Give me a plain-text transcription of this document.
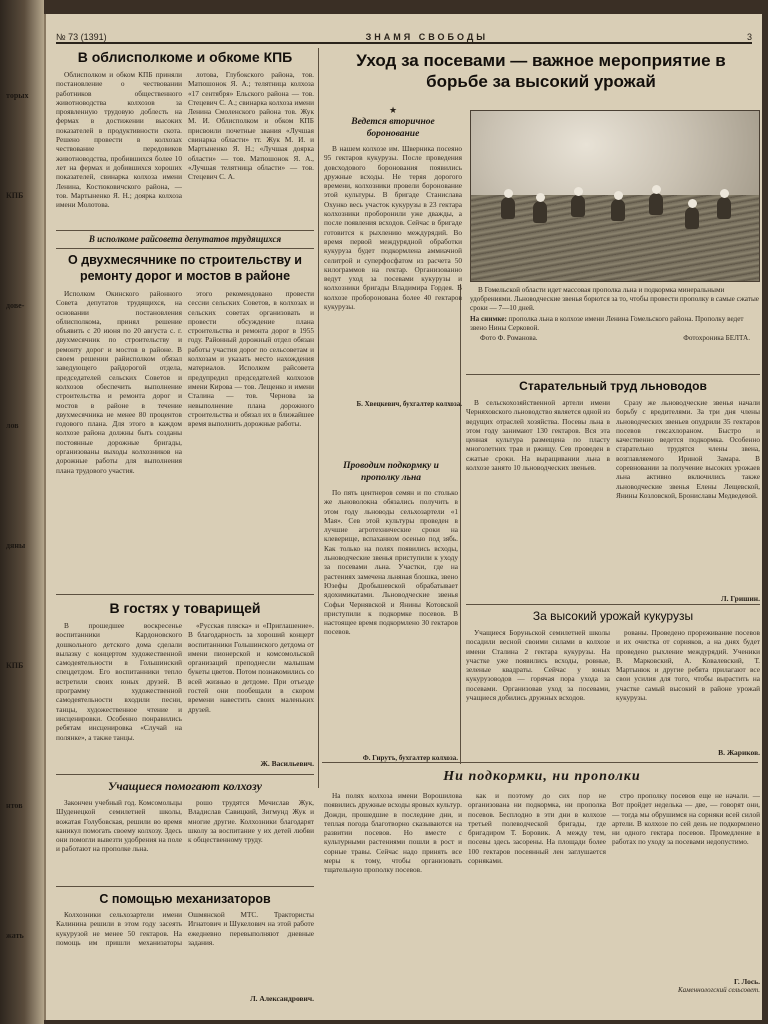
торых
КПБ
дове-
лов
дяны
КПБ
нтов
жать
№ 73 (1391)	ЗНАМЯ СВОБОДЫ	3
В облисполкоме и обкоме КПБ
Облисполком и обком КПБ приняли постановление о чествовании работников общественного животноводства колхозов за проявленную трудовую доблесть на фермах в достижении высоких показателей в продуктивности скота. Решено провести в колхозах чествование передовиков животноводства, пробившихся более 10 лет на фермах и добившихся хороших показателей, свинарка колхоза имени Ленина, Костюковичского района, — тов. Мартыненко Я. Н.; доярка колхоза имени Молотова.
лотова, Глубокского района, тов. Матюшонок Я. А.; телятница колхоза «17 сентября» Ельского района — тов. Стецевич С. А.; свинарка колхоза имени Ленина Смоленского района тов. Жук М. И. Облисполком и обком КПБ присвоили почетные звания «Лучшая свинарка области» тт. Жук М. И. и Мартыненко Я. Н.; «Лучшая доярка области» — тов. Матюшонок Я. А., «Лучшая телятница области» — тов. Стецевич С. А.
В исполкоме райсовета депутатов трудящихся
О двухмесячнике по строительству и ремонту дорог и мостов в районе
Исполком Окинского районного Совета депутатов трудящихся, на основании постановления облисполкома, принял решение объявить с 20 июня по 20 августа с. г. двухмесячник по строительству и ремонту дорог и мостов в районе. В своем решении райисполком обязал заведующего райдорогой отдела, председателей сельских Советов и колхозов обеспечить выполнение строительства и ремонта дорог и мостов в районе в течение двухмесячника не менее 80 процентов годового плана. Для этого в каждом колхозе района должны быть созданы постоянные дорожные бригады, организованы выходы колхозников на дорожные работы для выполнения плана трудового участия.
этого рекомендовано провести сессии сельских Советов, в колхозах и сельских советах организовать и провести обсуждение плана строительства и ремонта дорог в 1955 году. Районный дорожный отдел обязан работы участия дорог по сельсоветам и колхозам и указать место нахождения материалов. Исполком райсовета предупредил председателей колхозов имени Кирова — тов. Лещенко и имени Сталина — тов. Чернова за невыполнение плана дорожного строительства и обязал их в ближайшее время выполнить дорожные работы.
В гостях у товарищей
В прошедшее воскресенье воспитанники Кардоновского дошкольного детского дома сделали вылазку с концертом художественной самодеятельности в Гольшинский спецдетдом. Его воспитанники тепло встретили своих юных друзей. В программу художественной самодеятельности входили песни, танцы, художественное чтение и инсценировки. Особенно понравились ребятам инсценировка «Случай на полянке», а также танцы.
«Русская пляска» и «Приглашение». В благодарность за хороший концерт воспитанники Гольшинского детдома от имени пионерской и комсомольской организаций преподнесли малышам букеты цветов. Потом познакомились со всей жизнью в детдоме. При отъезде гостей они пообещали в скором времени навестить своих маленьких друзей.
Ж. Васильевич.
Учащиеся помогают колхозу
Закончен учебный год. Комсомольцы Шуденецкой семилетней школы, вожатая Голубовская, решили во время каникул помогать своему колхозу. Здесь они помогли вывезти удобрения на поле и работают на прополке льна.
рошо трудятся Мечислав Жук, Владислав Савицкий, Зигмунд Жук и многие другие. Колхозники благодарят школу за воспитание у их детей любви к общественному труду.
С помощью механизаторов
Колхозники сельхозартели имени Калинина решили в этом году засеять кукурузой не менее 50 гектаров. На помощь им пришли механизаторы Ошмянской МТС. Трактористы Игнатович и Шукелович на этой работе ежедневно перевыполняют дневные задания.
Л. Александрович.
Уход за посевами — важное мероприятие в борьбе за высокий урожай
★
Ведется вторичное боронование
В нашем колхозе им. Шверника посеяно 95 гектаров кукурузы. После проведения довсходового боронования появились дружные всходы. Не теряя дорогого времени, колхозники провели боронование этой культуры. В бригаде Станислава Охунко весь участок кукурузы в 23 гектара колхозники проборонили уже дважды, а после появления всходов. Сейчас в бригаде готовится к рыхлению междурядий. Во время первой междурядной обработки кукуруза будет подкормлена аммиачной селитрой и суперфосфатом из расчета 50 килограммов на гектар. Организованно ведут уход за посевами кукурузы и колхозники бригады Владимира Гордея. В колхозе проборонована более 40 гектаров кукурузы.
Б. Хвецкевич, бухгалтер колхоза.
Проводим подкормку и прополку льна
По пять центнеров семян и по столько же льноволокна обязались получить в этом году льноводы сельхозартели «1 Мая». Сев этой культуры проведен в лучшие агротехнические сроки на клеверище, вспаханном осенью под зябь. Как только на полях появились всходы, льноводческие звенья приступили к уходу за посевами льна. Участки, где на растениях замечена льняная блошка, звено Юзефы Дробышевской обрабатывает ядохимикатами. Льноводческие звенья Софьи Чернявской и Янины Котовской приступили к подкормке посевов. В настоящее время подкормлено 30 гектаров посевов.
Ф. Гирутъ, бухгалтер колхоза.
В Гомельской области идет массовая прополка льна и подкормка минеральными удобрениями. Льноводческие звенья борются за то, чтобы провести прополку в самые сжатые сроки — 7—10 дней.
На снимке: прополка льна в колхозе имени Ленина Гомельского района. Прополку ведет звено Нины Серковой.
Фото Ф. Романова.	Фотохроника БЕЛТА.
Старательный труд льноводов
В сельскохозяйственной артели имени Черняховского льноводство является одной из ведущих отраслей хозяйства. Посевы льна в этом году занимают 130 гектаров. Вся эта ценная культура размещена по пласту многолетних трав и ржищу. Сев проведен в сжатые сроки. На выращивании льна в колхозе занято 10 льноводческих звеньев.
Сразу же льноводческие звенья начали борьбу с вредителями. За три дня члены льноводческих звеньев опудрили 35 гектаров посевов гексахлораном. Быстро и качественно ведется подкормка. Особенно старательно трудятся члены звена, возглавляемого Ириной Замара. В соревновании за получение высоких урожаев льна активно включились также льноводческие звенья Елены Лещевской, Янины Козловской, Брониславы Медведевой.
Л. Гришин.
За высокий урожай кукурузы
Учащиеся Боруньской семилетней школы посадили весной своими силами в колхозе имени Сталина 2 гектара кукурузы. На участке уже появились всходы, ровные, зеленые квадраты. Сейчас у юных кукурузоводов — горячая пора ухода за посевами. Организовав уход за посевами, учащиеся добились дружных всходов.
рованы. Проведено прореживание посевов и их очистка от сорняков, а на днях будет проведено рыхление междурядий. Ученики В. Марковский, А. Ковалевский, Т. Мартынюк и другие ребята прилагают все свои усилия для того, чтобы вырастить на участке самый высокий в районе урожай кукурузы.
В. Жариков.
Ни подкормки, ни прополки
На полях колхоза имени Ворошилова появились дружные всходы яровых культур. Дожди, прошедшие в последние дни, и теплая погода благотворно сказываются на развитии посевов. Но вместе с культурными растениями пошли в рост и сорные травы. Сейчас надо принять все меры к тому, чтобы организовать тщательную прополку посевов.
как и поэтому до сих пор не организована ни подкормка, ни прополка посевов. Бесплодно в эти дни в колхозе третьей полеводческой бригады, где бригадиром Т. Боровик. А между тем, посевы здесь засорены. На площади более 100 гектаров посеянный лен заглушается сорняками.
стро прополку посевов еще не начали. — Вот пройдет неделька — две, — говорят они, — тогда мы обрушимся на сорняки всей силой артели. В колхозе по сей день не подкормлено ни одного гектара посевов. Промедление в работах по уходу за посевами недопустимо.
Г. Лось.
Каменнологский сельсовет.
